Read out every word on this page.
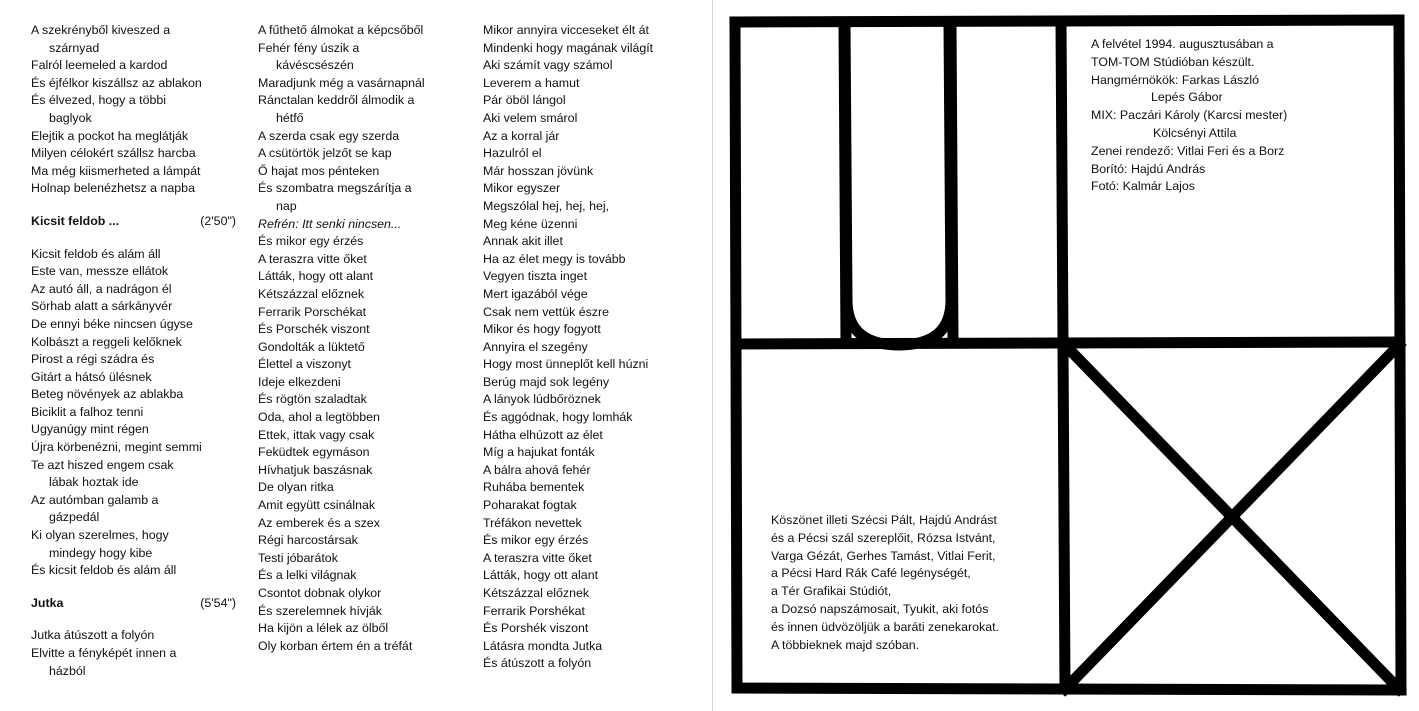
A szekrényből kiveszed a
szárnyad
Falról leemeled a kardod
És éjfélkor kiszállsz az ablakon
És élvezed, hogy a többi
baglyok
Elejtik a pockot ha meglátják
Milyen célokért szállsz harcba
Ma még kiismerheted a lámpát
Holnap belenézhetsz a napba
Kicsit feldob ...	(2'50")
Kicsit feldob és alám áll
Este van, messze ellátok
Az autó áll, a nadrágon él
Sörhab alatt a sárkányvér
De ennyi béke nincsen úgyse
Kolbászt a reggeli kelőknek
Pirost a régi szádra és
Gitárt a hátsó ülésnek
Beteg növények az ablakba
Biciklit a falhoz tenni
Ugyanúgy mint régen
Újra körbenézni, megint semmi
Te azt hiszed engem csak
lábak hoztak ide
Az autómban galamb a
gázpedál
Ki olyan szerelmes, hogy
mindegy hogy kibe
És kicsit feldob és alám áll
Jutka	(5'54")
Jutka átúszott a folyón
Elvitte a fényképét innen a
házból
A fűthető álmokat a képcsőből
Fehér fény úszik a
kávéscsészén
Maradjunk még a vasárnapnál
Ránctalan keddről álmodik a
hétfő
A szerda csak egy szerda
A csütörtök jelzőt se kap
Ő hajat mos pénteken
És szombatra megszárítja a
nap
Refrén: Itt senki nincsen...
És mikor egy érzés
A teraszra vitte őket
Látták, hogy ott alant
Kétszázzal előznek
Ferrarik Porschékat
És Porschék viszont
Gondolták a lüktető
Élettel a viszonyt
Ideje elkezdeni
És rögtön szaladtak
Oda, ahol a legtöbben
Ettek, ittak vagy csak
Feküdtek egymáson
Hívhatjuk baszásnak
De olyan ritka
Amit együtt csinálnak
Az emberek és a szex
Régi harcostársak
Testi jóbarátok
És a lelki világnak
Csontot dobnak olykor
És szerelemnek hívják
Ha kijön a lélek az ölből
Oly korban értem én a tréfát
Mikor annyira vicceseket élt át
Mindenki hogy magának világít
Aki számít vagy számol
Leverem a hamut
Pár öböl lángol
Aki velem smárol
Az a korral jár
Hazulról el
Már hosszan jövünk
Mikor egyszer
Megszólal hej, hej, hej,
Meg kéne üzenni
Annak akit illet
Ha az élet megy is tovább
Vegyen tiszta inget
Mert igazából vége
Csak nem vettük észre
Mikor és hogy fogyott
Annyira el szegény
Hogy most ünneplőt kell húzni
Berúg majd sok legény
A lányok lúdbőröznek
És aggódnak, hogy lomhák
Hátha elhúzott az élet
Míg a hajukat fonták
A bálra ahová fehér
Ruhába bementek
Poharakat fogtak
Tréfákon nevettek
És mikor egy érzés
A teraszra vitte őket
Látták, hogy ott alant
Kétszázzal előznek
Ferrarik Porshékat
És Porshék viszont
Látásra mondta Jutka
És átúszott a folyón
A felvétel 1994. augusztusában a
TOM-TOM Stúdióban készült.
Hangmérnökök: Farkas László
Lepés Gábor
MIX: Paczári Károly (Karcsi mester)
Kölcsényi Attila
Zenei rendező: Vitlai Feri és a Borz
Borító: Hajdú András
Fotó: Kalmár Lajos
Köszönet illeti Szécsi Pált, Hajdú Andrást
és a Pécsi szál szereplőit, Rózsa Istvánt,
Varga Gézát, Gerhes Tamást, Vitlai Ferit,
a Pécsi Hard Rák Café legénységét,
a Tér Grafikai Stúdiót,
a Dozsó napszámosait, Tyukit, aki fotós
és innen üdvözöljük a baráti zenekarokat.
A többieknek majd szóban.
